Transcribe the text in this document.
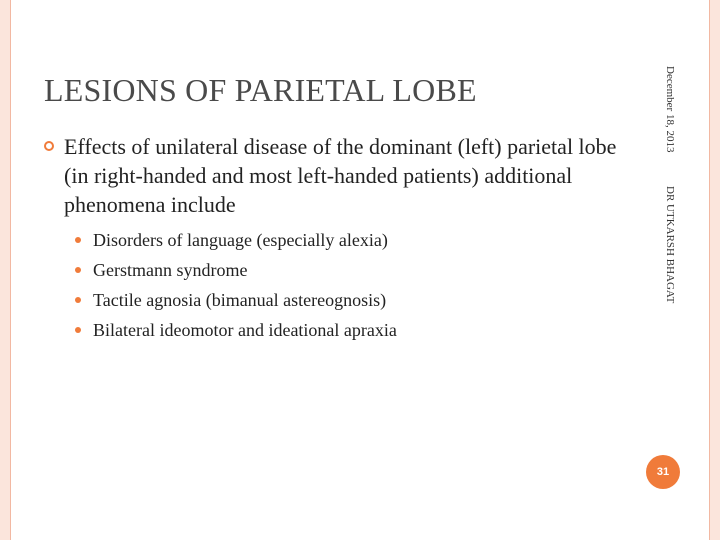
LESIONS OF PARIETAL LOBE
Effects of unilateral disease of the dominant (left) parietal lobe (in right-handed and most left-handed patients) additional phenomena include
Disorders of language (especially alexia)
Gerstmann syndrome
Tactile agnosia (bimanual astereognosis)
Bilateral ideomotor and ideational apraxia
December 18, 2013  DR UTKARSH BHAGAT
31
